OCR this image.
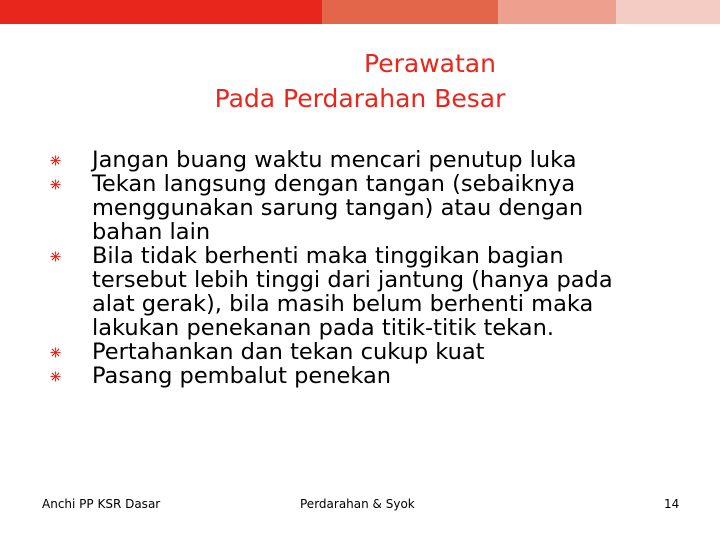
Perawatan
Pada Perdarahan Besar
Jangan buang waktu mencari penutup luka
Tekan langsung dengan tangan (sebaiknya
menggunakan sarung tangan) atau dengan
bahan lain
Bila tidak berhenti maka tinggikan bagian
tersebut lebih tinggi dari jantung (hanya pada
alat gerak), bila masih belum berhenti maka
lakukan penekanan pada titik-titik tekan.
Pertahankan dan tekan cukup kuat
Pasang pembalut penekan
Anchi PP KSR Dasar	Perdarahan & Syok	14
